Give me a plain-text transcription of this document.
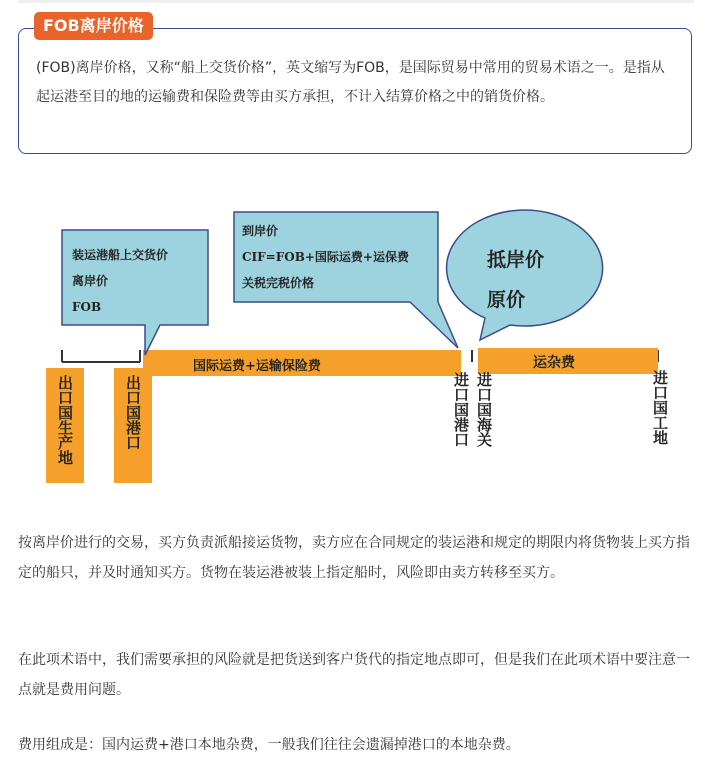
FOB离岸价格

(FOB)离岸价格，又称“船上交货价格”，英文缩写为FOB，是国际贸易中常用的贸易术语之一。是指从起运港至目的地的运输费和保险费等由买方承担，不计入结算价格之中的销货价格。

装运港船上交货价
离岸价
FOB
到岸价
CIF=FOB+国际运费+运保费
关税完税价格
抵岸价
原价
国际运费+运输保险费	运杂费
出口国生产地	出口国港口	进口国港口 进口国海关	进口国工地

按离岸价进行的交易，买方负责派船接运货物，卖方应在合同规定的装运港和规定的期限内将货物装上买方指定的船只，并及时通知买方。货物在装运港被装上指定船时，风险即由卖方转移至买方。

在此项术语中，我们需要承担的风险就是把货送到客户货代的指定地点即可，但是我们在此项术语中要注意一点就是费用问题。

费用组成是：国内运费+港口本地杂费，一般我们往往会遗漏掉港口的本地杂费。
